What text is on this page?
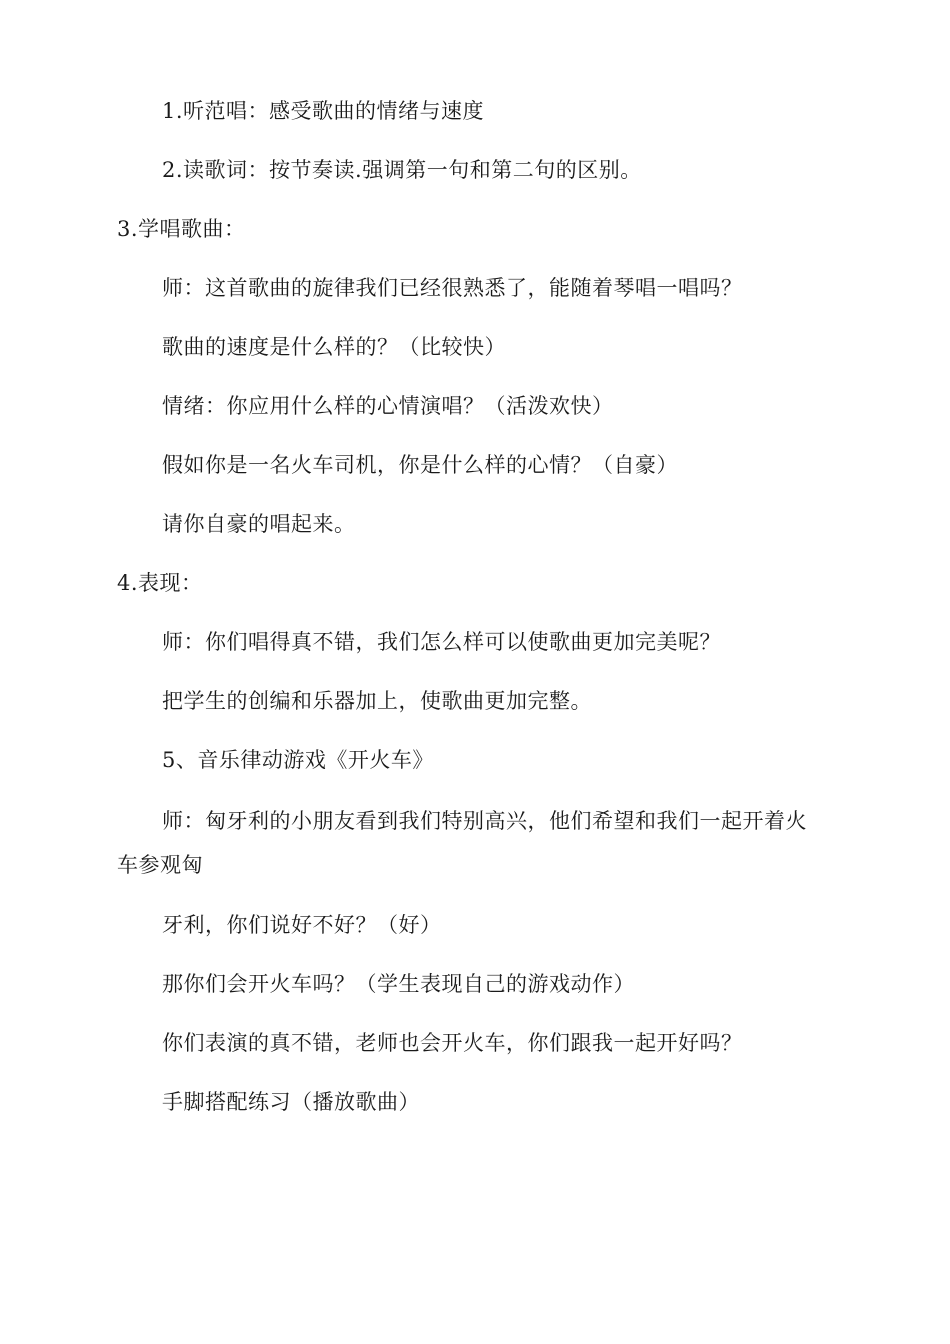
1.听范唱：感受歌曲的情绪与速度
2.读歌词：按节奏读.强调第一句和第二句的区别。
3.学唱歌曲：
师：这首歌曲的旋律我们已经很熟悉了，能随着琴唱一唱吗？
歌曲的速度是什么样的？（比较快）
情绪：你应用什么样的心情演唱？（活泼欢快）
假如你是一名火车司机，你是什么样的心情？（自豪）
请你自豪的唱起来。
4.表现：
师：你们唱得真不错，我们怎么样可以使歌曲更加完美呢？
把学生的创编和乐器加上，使歌曲更加完整。
5、音乐律动游戏《开火车》
师：匈牙利的小朋友看到我们特别高兴，他们希望和我们一起开着火
车参观匈
牙利，你们说好不好？（好）
那你们会开火车吗？（学生表现自己的游戏动作）
你们表演的真不错，老师也会开火车，你们跟我一起开好吗？
手脚搭配练习（播放歌曲）
